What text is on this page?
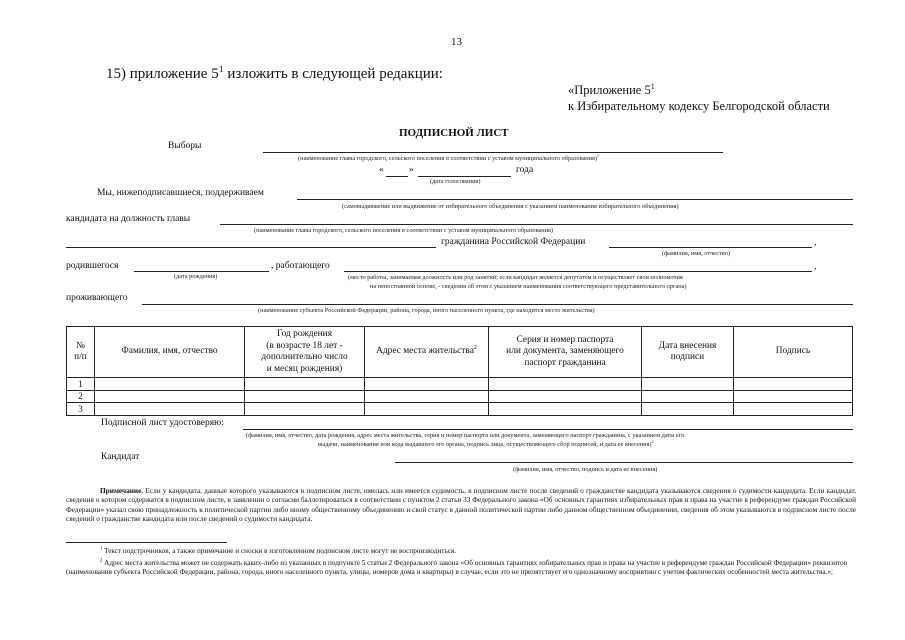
13
15) приложение $5^1$ изложить в следующей редакции:
«Приложение $5^1$
к Избирательному кодексу Белгородской области
ПОДПИСНОЙ ЛИСТ
Выборы
(наименование главы городского, сельского поселения в соответствии с уставом муниципального образования)$^1$
«	»	года
(дата голосования)
Мы, нижеподписавшиеся, поддерживаем
(самовыдвижение или выдвижение от избирательного объединения с указанием наименования избирательного объединения)
кандидата на должность главы
(наименование главы городского, сельского поселения в соответствии с уставом муниципального образования)
гражданина Российской Федерации	,
(фамилия, имя, отчество)
родившегося
(дата рождения)
, работающего	,
(место работы, занимаемая должность или род занятий; если кандидат является депутатом и осуществляет свои полномочия
на непостоянной основе, - сведения об этом с указанием наименования соответствующего представительного органа)
проживающего
(наименование субъекта Российской Федерации, района, города, иного населенного пункта, где находится место жительства)
№
п/п	Фамилия, имя, отчество	Год рождения
(в возрасте 18 лет -
дополнительно число
и месяц рождения)	Адрес места жительства$^2$	Серия и номер паспорта
или документа, заменяющего
паспорт гражданина	Дата внесения
подписи	Подпись
1						
2						
3						
Подписной лист удостоверяю:
(фамилия, имя, отчество, дата рождения, адрес места жительства, серия и номер паспорта или документа, заменяющего паспорт гражданина, с указанием даты его
выдачи, наименования или кода выдавшего его органа, подпись лица, осуществляющего сбор подписей, и дата ее внесения)$^2$
Кандидат
(фамилия, имя, отчество, подпись и дата ее внесения)
Примечание. Если у кандидата, данные которого указываются в подписном листе, имелась или имеется судимость, в подписном листе после сведений о гражданстве кандидата указываются сведения о судимости кандидата. Если кандидат, сведения о котором содержатся в подписном листе, в заявлении о согласии баллотироваться в соответствии с пунктом 2 статьи 33 Федерального закона «Об основных гарантиях избирательных прав и права на участие в референдуме граждан Российской Федерации» указал свою принадлежность к политической партии либо иному общественному объединению и свой статус в данной политической партии либо данном общественном объединении, сведения об этом указываются в подписном листе после сведений о гражданстве кандидата или после сведений о судимости кандидата.
$^1$ Текст подстрочников, а также примечание и сноски в изготовленном подписном листе могут не воспроизводиться.
$^2$ Адрес места жительства может не содержать каких-либо из указанных в подпункте 5 статьи 2 Федерального закона «Об основных гарантиях избирательных прав и права на участие в референдуме граждан Российской Федерации» реквизитов (наименования субъекта Российской Федерации, района, города, иного населенного пункта, улицы, номеров дома и квартиры) в случае, если это не препятствует его однозначному восприятию с учетом фактических особенностей места жительства.»;
